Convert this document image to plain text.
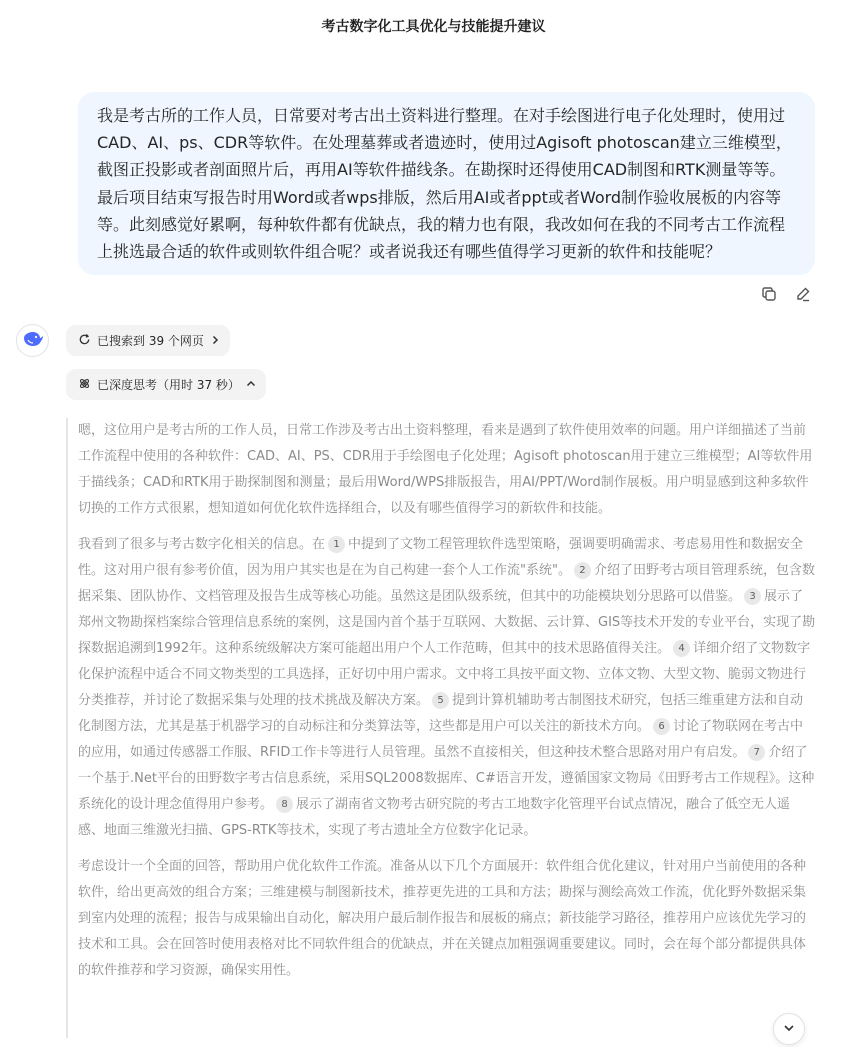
考古数字化工具优化与技能提升建议
我是考古所的工作人员，日常要对考古出土资料进行整理。在对手绘图进行电子化处理时，使用过CAD、AI、ps、CDR等软件。在处理墓葬或者遗迹时，使用过Agisoft photoscan建立三维模型，截图正投影或者剖面照片后，再用AI等软件描线条。在勘探时还得使用CAD制图和RTK测量等等。最后项目结束写报告时用Word或者wps排版，然后用AI或者ppt或者Word制作验收展板的内容等等。此刻感觉好累啊，每种软件都有优缺点，我的精力也有限，我改如何在我的不同考古工作流程上挑选最合适的软件或则软件组合呢？或者说我还有哪些值得学习更新的软件和技能呢？
已搜索到 39 个网页
已深度思考（用时 37 秒）

嗯，这位用户是考古所的工作人员，日常工作涉及考古出土资料整理，看来是遇到了软件使用效率的问题。用户详细描述了当前工作流程中使用的各种软件：CAD、AI、PS、CDR用于手绘图电子化处理；Agisoft photoscan用于建立三维模型；AI等软件用于描线条；CAD和RTK用于勘探制图和测量；最后用Word/WPS排版报告，用AI/PPT/Word制作展板。用户明显感到这种多软件切换的工作方式很累，想知道如何优化软件选择组合，以及有哪些值得学习的新软件和技能。

我看到了很多与考古数字化相关的信息。在 1 中提到了文物工程管理软件选型策略，强调要明确需求、考虑易用性和数据安全性。这对用户很有参考价值，因为用户其实也是在为自己构建一套个人工作流"系统"。 2 介绍了田野考古项目管理系统，包含数据采集、团队协作、文档管理及报告生成等核心功能。虽然这是团队级系统，但其中的功能模块划分思路可以借鉴。 3 展示了郑州文物勘探档案综合管理信息系统的案例，这是国内首个基于互联网、大数据、云计算、GIS等技术开发的专业平台，实现了勘探数据追溯到1992年。这种系统级解决方案可能超出用户个人工作范畴，但其中的技术思路值得关注。 4 详细介绍了文物数字化保护流程中适合不同文物类型的工具选择，正好切中用户需求。文中将工具按平面文物、立体文物、大型文物、脆弱文物进行分类推荐，并讨论了数据采集与处理的技术挑战及解决方案。 5 提到计算机辅助考古制图技术研究，包括三维重建方法和自动化制图方法，尤其是基于机器学习的自动标注和分类算法等，这些都是用户可以关注的新技术方向。 6 讨论了物联网在考古中的应用，如通过传感器工作服、RFID工作卡等进行人员管理。虽然不直接相关，但这种技术整合思路对用户有启发。 7 介绍了一个基于.Net平台的田野数字考古信息系统，采用SQL2008数据库、C#语言开发，遵循国家文物局《田野考古工作规程》。这种系统化的设计理念值得用户参考。 8 展示了湖南省文物考古研究院的考古工地数字化管理平台试点情况，融合了低空无人遥感、地面三维激光扫描、GPS-RTK等技术，实现了考古遗址全方位数字化记录。

考虑设计一个全面的回答，帮助用户优化软件工作流。准备从以下几个方面展开：软件组合优化建议，针对用户当前使用的各种软件，给出更高效的组合方案；三维建模与制图新技术，推荐更先进的工具和方法；勘探与测绘高效工作流，优化野外数据采集到室内处理的流程；报告与成果输出自动化，解决用户最后制作报告和展板的痛点；新技能学习路径，推荐用户应该优先学习的技术和工具。会在回答时使用表格对比不同软件组合的优缺点，并在关键点加粗强调重要建议。同时，会在每个部分都提供具体的软件推荐和学习资源，确保实用性。
